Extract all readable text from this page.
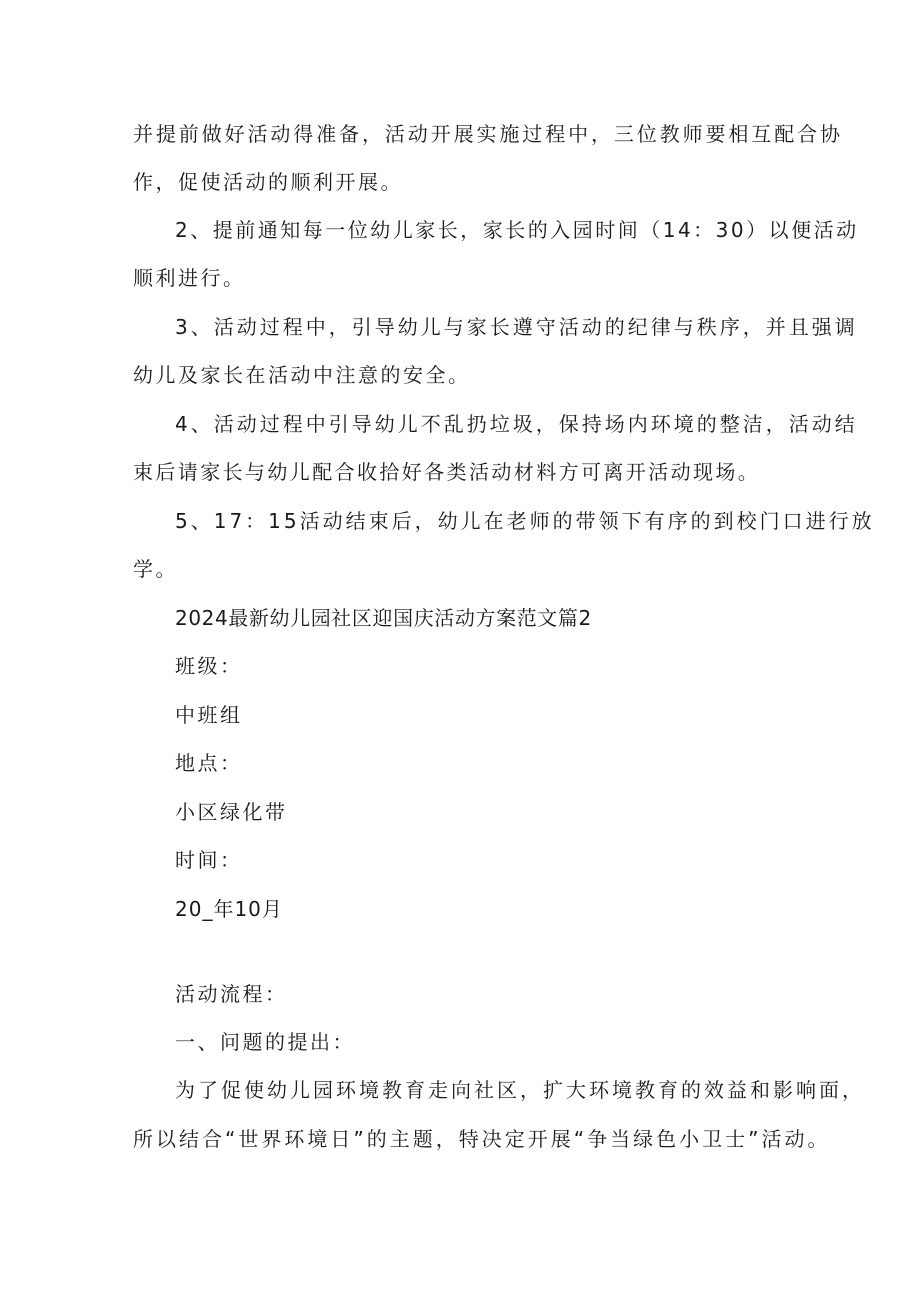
并提前做好活动得准备，活动开展实施过程中，三位教师要相互配合协
作，促使活动的顺利开展。
2、提前通知每一位幼儿家长，家长的入园时间（14：30）以便活动
顺利进行。
3、活动过程中，引导幼儿与家长遵守活动的纪律与秩序，并且强调
幼儿及家长在活动中注意的安全。
4、活动过程中引导幼儿不乱扔垃圾，保持场内环境的整洁，活动结
束后请家长与幼儿配合收拾好各类活动材料方可离开活动现场。
5、17：15活动结束后，幼儿在老师的带领下有序的到校门口进行放
学。
2024最新幼儿园社区迎国庆活动方案范文篇2
班级：
中班组
地点：
小区绿化带
时间：
20_年10月
活动流程：
一、问题的提出：
为了促使幼儿园环境教育走向社区，扩大环境教育的效益和影响面，
所以结合“世界环境日”的主题，特决定开展“争当绿色小卫士”活动。
